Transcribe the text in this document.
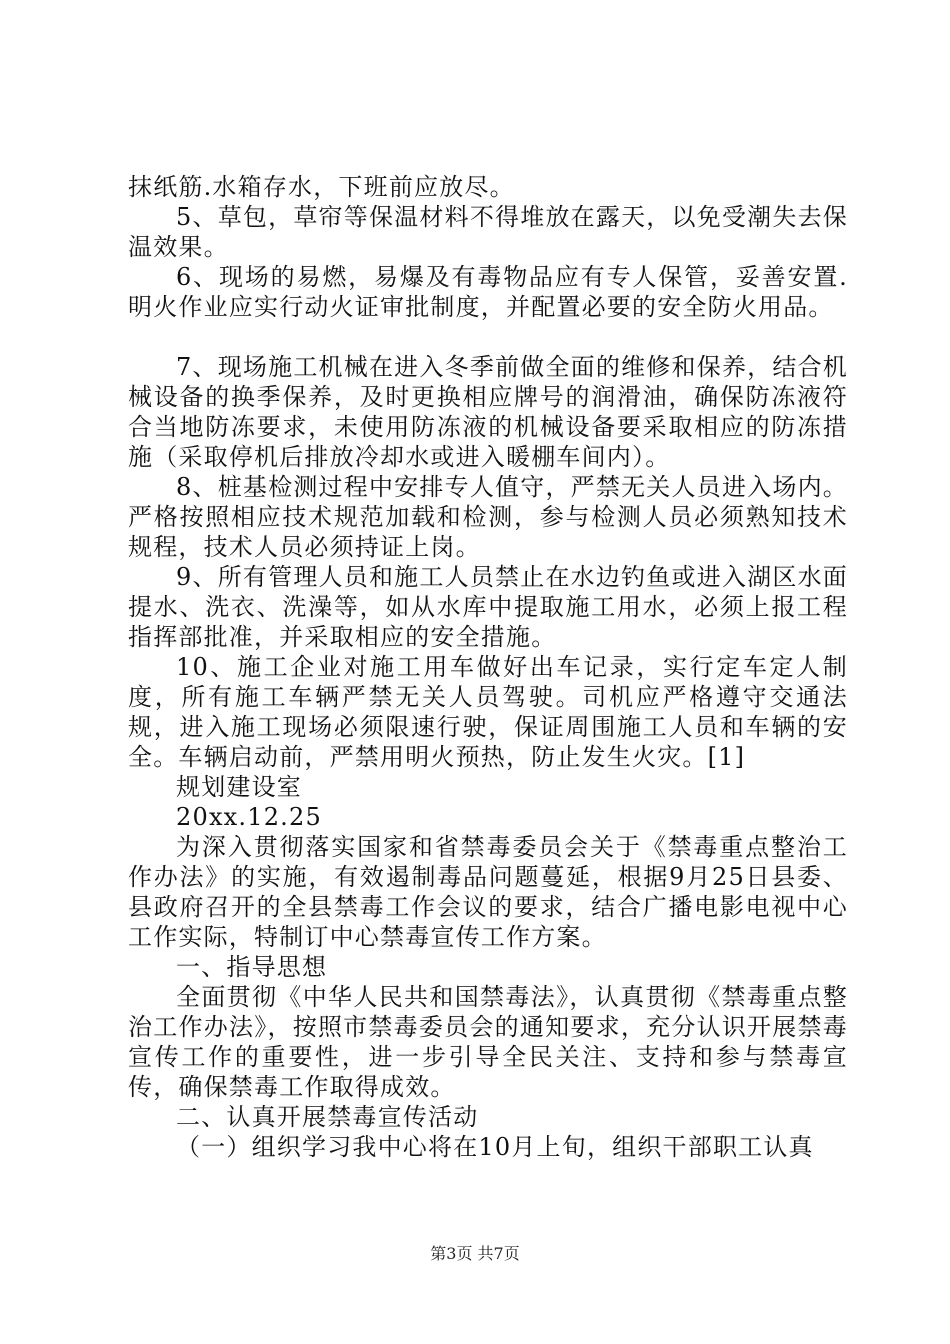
抹纸筋.水箱存水，下班前应放尽。

5、草包，草帘等保温材料不得堆放在露天，以免受潮失去保温效果。

6、现场的易燃，易爆及有毒物品应有专人保管，妥善安置.明火作业应实行动火证审批制度，并配置必要的安全防火用品。

7、现场施工机械在进入冬季前做全面的维修和保养，结合机械设备的换季保养，及时更换相应牌号的润滑油，确保防冻液符合当地防冻要求，未使用防冻液的机械设备要采取相应的防冻措施（采取停机后排放冷却水或进入暖棚车间内）。

8、桩基检测过程中安排专人值守，严禁无关人员进入场内。严格按照相应技术规范加载和检测，参与检测人员必须熟知技术规程，技术人员必须持证上岗。

9、所有管理人员和施工人员禁止在水边钓鱼或进入湖区水面提水、洗衣、洗澡等，如从水库中提取施工用水，必须上报工程指挥部批准，并采取相应的安全措施。

10、施工企业对施工用车做好出车记录，实行定车定人制度，所有施工车辆严禁无关人员驾驶。司机应严格遵守交通法规，进入施工现场必须限速行驶，保证周围施工人员和车辆的安全。车辆启动前，严禁用明火预热，防止发生火灾。[1]

规划建设室

20xx.12.25

为深入贯彻落实国家和省禁毒委员会关于《禁毒重点整治工作办法》的实施，有效遏制毒品问题蔓延，根据9月25日县委、县政府召开的全县禁毒工作会议的要求，结合广播电影电视中心工作实际，特制订中心禁毒宣传工作方案。

一、指导思想

全面贯彻《中华人民共和国禁毒法》，认真贯彻《禁毒重点整治工作办法》，按照市禁毒委员会的通知要求，充分认识开展禁毒宣传工作的重要性，进一步引导全民关注、支持和参与禁毒宣传，确保禁毒工作取得成效。

二、认真开展禁毒宣传活动

（一）组织学习我中心将在10月上旬，组织干部职工认真

第3页 共7页
